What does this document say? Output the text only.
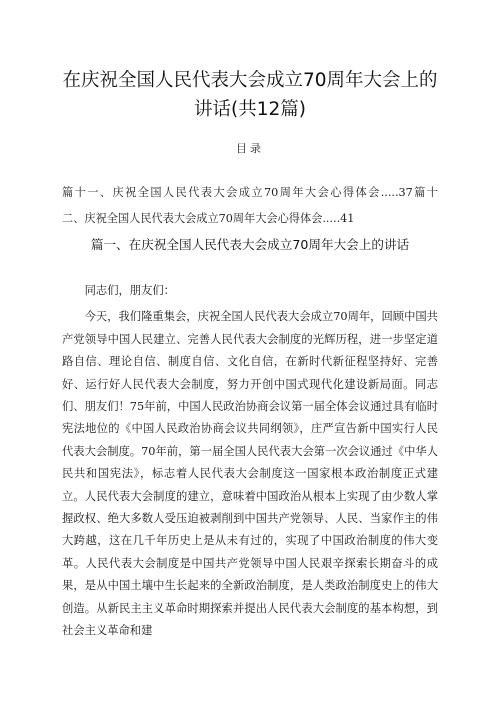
在庆祝全国人民代表大会成立70周年大会上的
讲话(共12篇)
目录
篇十一、庆祝全国人民代表大会成立70周年大会心得体会.....37篇十
二、庆祝全国人民代表大会成立70周年大会心得体会.....41
篇一、在庆祝全国人民代表大会成立70周年大会上的讲话

同志们，朋友们：

今天，我们隆重集会，庆祝全国人民代表大会成立70周年，回顾中国共产党领导中国人民建立、完善人民代表大会制度的光辉历程，进一步坚定道路自信、理论自信、制度自信、文化自信，在新时代新征程坚持好、完善好、运行好人民代表大会制度，努力开创中国式现代化建设新局面。同志们、朋友们！75年前，中国人民政治协商会议第一届全体会议通过具有临时宪法地位的《中国人民政治协商会议共同纲领》，庄严宣告新中国实行人民代表大会制度。70年前，第一届全国人民代表大会第一次会议通过《中华人民共和国宪法》，标志着人民代表大会制度这一国家根本政治制度正式建立。人民代表大会制度的建立，意味着中国政治从根本上实现了由少数人掌握政权、绝大多数人受压迫被剥削到中国共产党领导、人民、当家作主的伟大跨越，这在几千年历史上是从未有过的，实现了中国政治制度的伟大变革。人民代表大会制度是中国共产党领导中国人民艰辛探索长期奋斗的成果，是从中国土壤中生长起来的全新政治制度，是人类政治制度史上的伟大创造。从新民主主义革命时期探索并提出人民代表大会制度的基本构想，到社会主义革命和建
